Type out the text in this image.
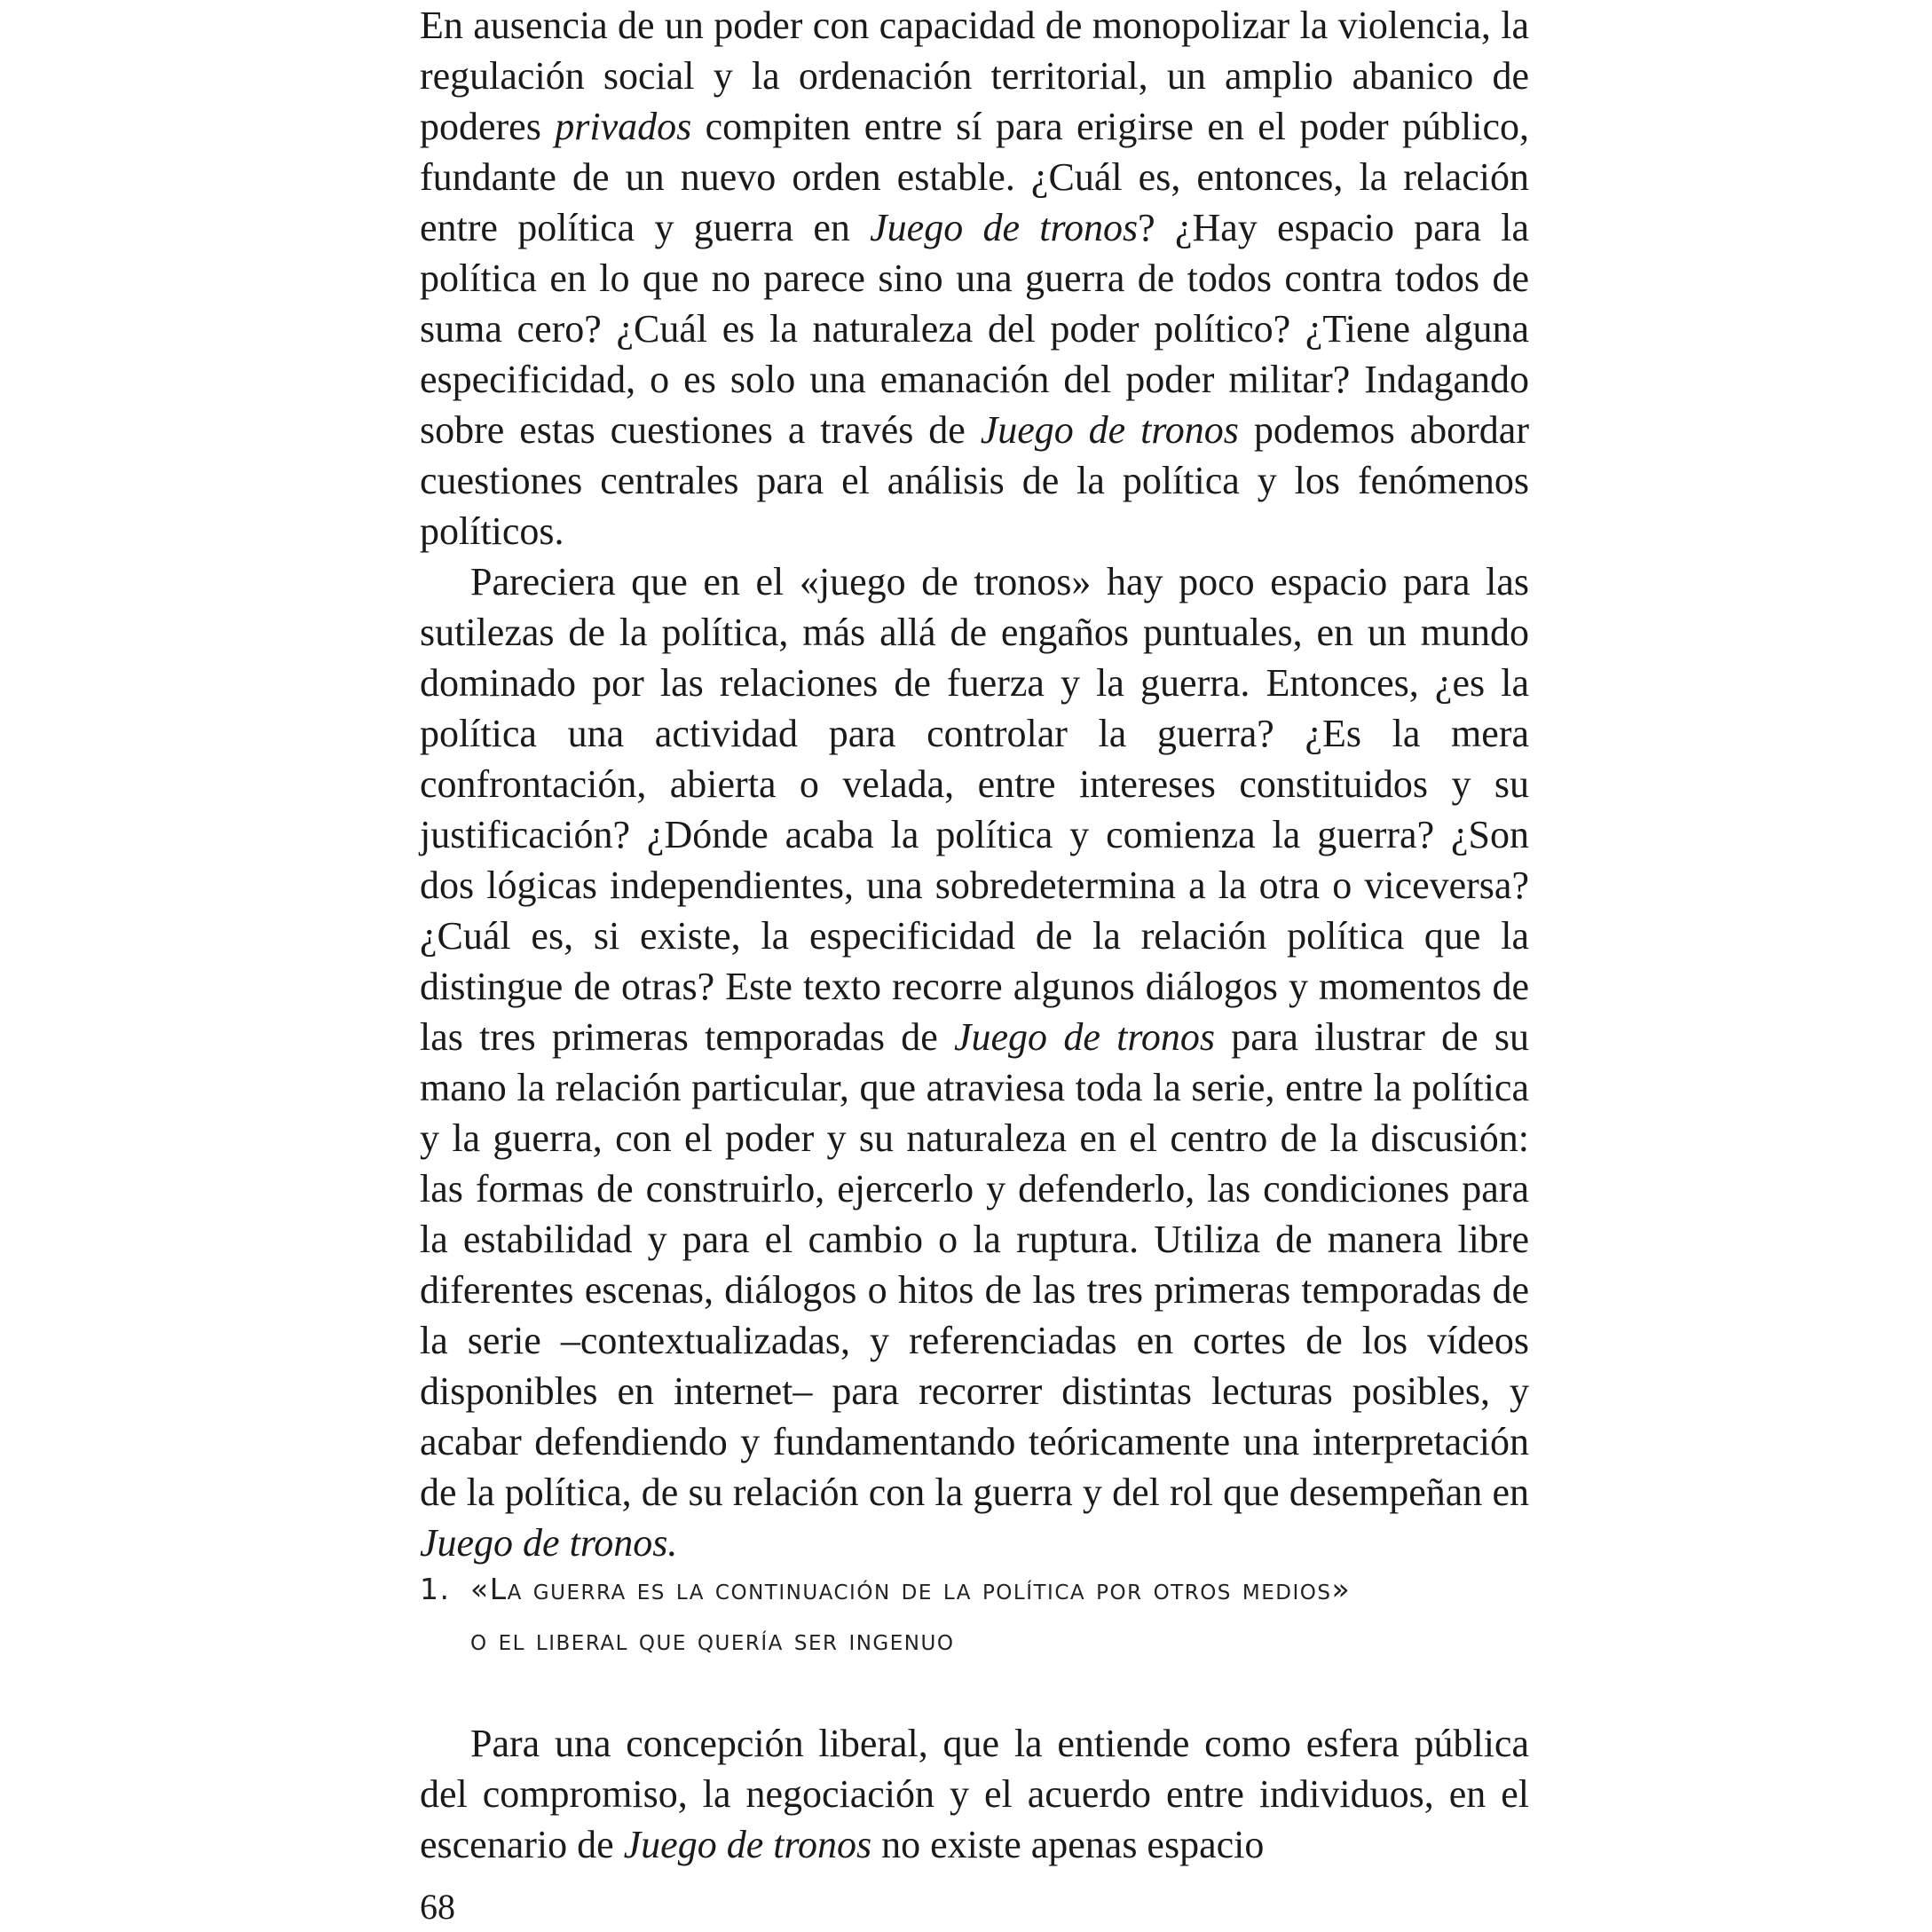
En ausencia de un poder con capacidad de monopolizar la violencia, la regulación social y la ordenación territorial, un amplio abanico de poderes privados compiten entre sí para erigirse en el poder público, fundante de un nuevo orden estable. ¿Cuál es, entonces, la relación entre política y guerra en Juego de tronos? ¿Hay espacio para la política en lo que no parece sino una guerra de todos contra todos de suma cero? ¿Cuál es la naturaleza del poder político? ¿Tiene alguna especificidad, o es solo una emanación del poder militar? Indagando sobre estas cuestiones a través de Juego de tronos podemos abordar cuestiones centrales para el análisis de la política y los fenómenos políticos.

Pareciera que en el «juego de tronos» hay poco espacio para las sutilezas de la política, más allá de engaños puntuales, en un mundo dominado por las relaciones de fuerza y la guerra. Entonces, ¿es la política una actividad para controlar la guerra? ¿Es la mera confrontación, abierta o velada, entre intereses constituidos y su justificación? ¿Dónde acaba la política y comienza la guerra? ¿Son dos lógicas independientes, una sobredetermina a la otra o viceversa? ¿Cuál es, si existe, la especificidad de la relación política que la distingue de otras? Este texto recorre algunos diálogos y momentos de las tres primeras temporadas de Juego de tronos para ilustrar de su mano la relación particular, que atraviesa toda la serie, entre la política y la guerra, con el poder y su naturaleza en el centro de la discusión: las formas de construirlo, ejercerlo y defenderlo, las condiciones para la estabilidad y para el cambio o la ruptura. Utiliza de manera libre diferentes escenas, diálogos o hitos de las tres primeras temporadas de la serie –contextualizadas, y referenciadas en cortes de los vídeos disponibles en internet– para recorrer distintas lecturas posibles, y acabar defendiendo y fundamentando teóricamente una interpretación de la política, de su relación con la guerra y del rol que desempeñan en Juego de tronos.

1. «La guerra es la continuación de la política por otros medios»
o el liberal que quería ser ingenuo

Para una concepción liberal, que la entiende como esfera pública del compromiso, la negociación y el acuerdo entre individuos, en el escenario de Juego de tronos no existe apenas espacio

68
